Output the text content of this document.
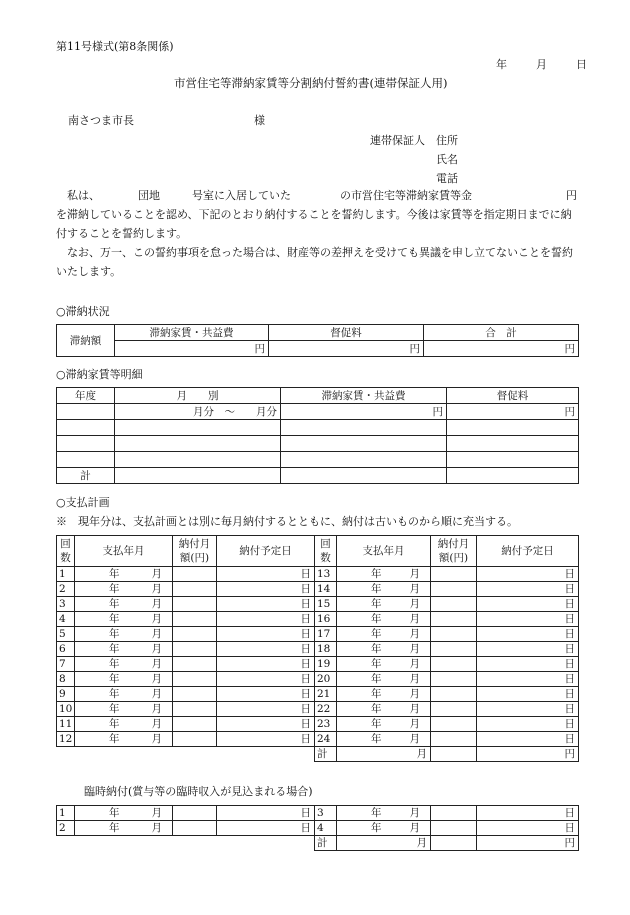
第11号様式(第8条関係)
年	月	日
市営住宅等滞納家賃等分割納付誓約書(連帯保証人用)
南さつま市長	様
連帯保証人 住所
氏名
電話

私は、	団地	号室に入居していた	の市営住宅等滞納家賃等金	円

を滞納していることを認め、下記のとおり納付することを誓約します。今後は家賃等を指定期日までに納付することを誓約します。

なお、万一、この誓約事項を怠った場合は、財産等の差押えを受けても異議を申し立てないことを誓約いたします。

○滞納状況
滞納額	滞納家賃・共益費	督促料	合　計
	円	円	円
○滞納家賃等明細
年度	月　　別	滞納家賃・共益費	督促料
	月分　〜　　月分	円	円

計			
○支払計画
※　現年分は、支払計画とは別に毎月納付するとともに、納付は古いものから順に充当する。
回
数	支払年月	納付月
額(円)	納付予定日
1	年 月		日
2	年 月		日
3	年 月		日
4	年 月		日
5	年 月		日
6	年 月		日
7	年 月		日
8	年 月		日
9	年 月		日
10	年 月		日
11	年 月		日
12	年 月		日
回
数	支払年月	納付月
額(円)	納付予定日
13	年 月		日
14	年 月		日
15	年 月		日
16	年 月		日
17	年 月		日
18	年 月		日
19	年 月		日
20	年 月		日
21	年 月		日
22	年 月		日
23	年 月		日
24	年 月		日
計	月		円
臨時納付(賞与等の臨時収入が見込まれる場合)
1	年 月		日
2	年 月		日
3	年 月		日
4	年 月		日
計	月		円
